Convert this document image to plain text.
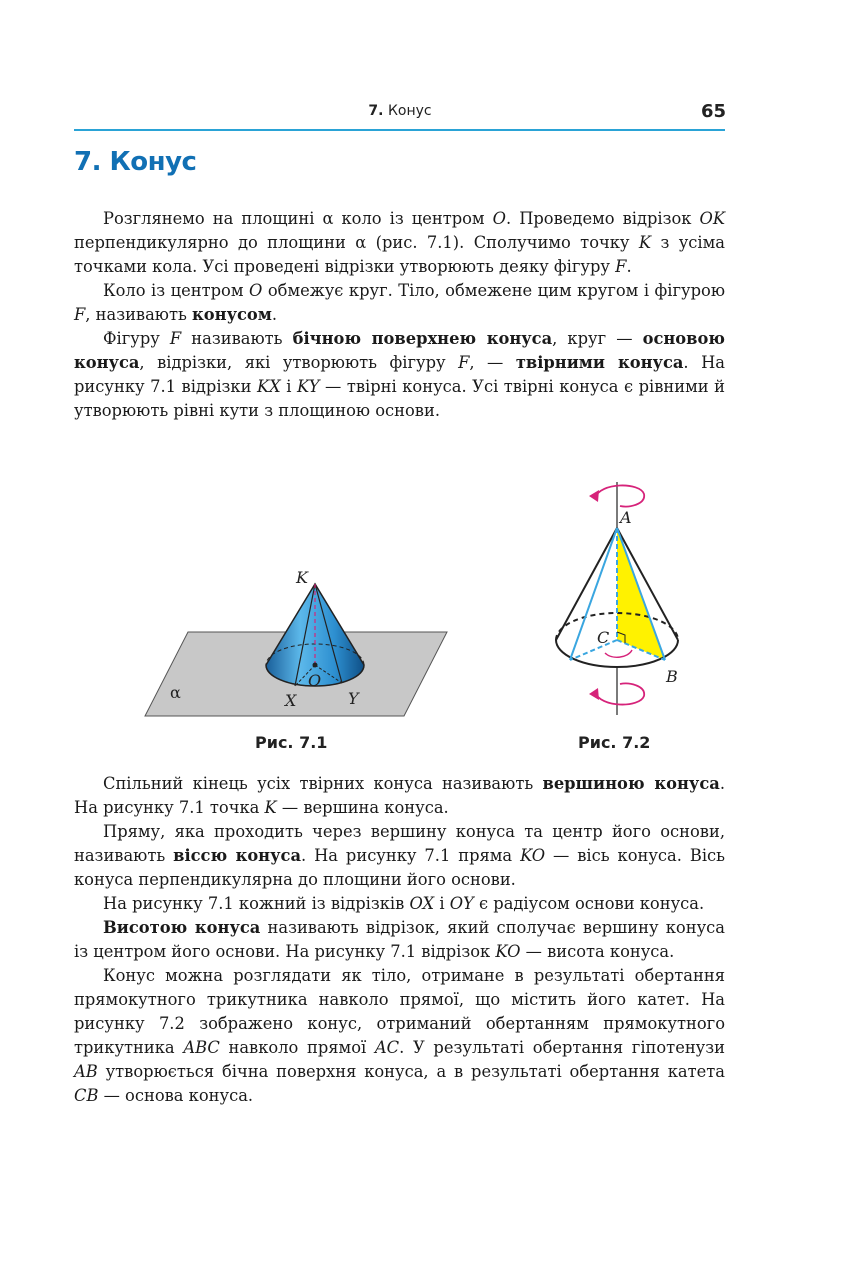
7. Конус	65
7. Конус

Розглянемо на площині α коло із центром O. Проведемо відрізок OK перпендикулярно до площини α (рис. 7.1). Сполучимо точку K з усіма точками кола. Усі проведені відрізки утворюють деяку фігуру F.

Коло із центром O обмежує круг. Тіло, обмежене цим кругом і фігурою F, називають конусом.

Фігуру F називають бічною поверхнею конуса, круг — основою конуса, відрізки, які утворюють фігуру F, — твірними конуса. На рисунку 7.1 відрізки KX і KY — твірні конуса. Усі твірні конуса є рівними й утворюють рівні кути з площиною основи.

K
O
X	Y
α
A
C
B
Рис. 7.1	Рис. 7.2

Спільний кінець усіх твірних конуса називають вершиною конуса. На рисунку 7.1 точка K — вершина конуса.

Пряму, яка проходить через вершину конуса та центр його основи, називають віссю конуса. На рисунку 7.1 пряма KO — вісь конуса. Вісь конуса перпендикулярна до площини його основи.

На рисунку 7.1 кожний із відрізків OX і OY є радіусом основи конуса.

Висотою конуса називають відрізок, який сполучає вершину конуса із центром його основи. На рисунку 7.1 відрізок KO — висота конуса.

Конус можна розглядати як тіло, отримане в результаті обертання прямокутного трикутника навколо прямої, що містить його катет. На рисунку 7.2 зображено конус, отриманий обертанням прямокутного трикутника ABC навколо прямої AC. У результаті обертання гіпотенузи AB утворюється бічна поверхня конуса, а в результаті обертання катета CB — основа конуса.
